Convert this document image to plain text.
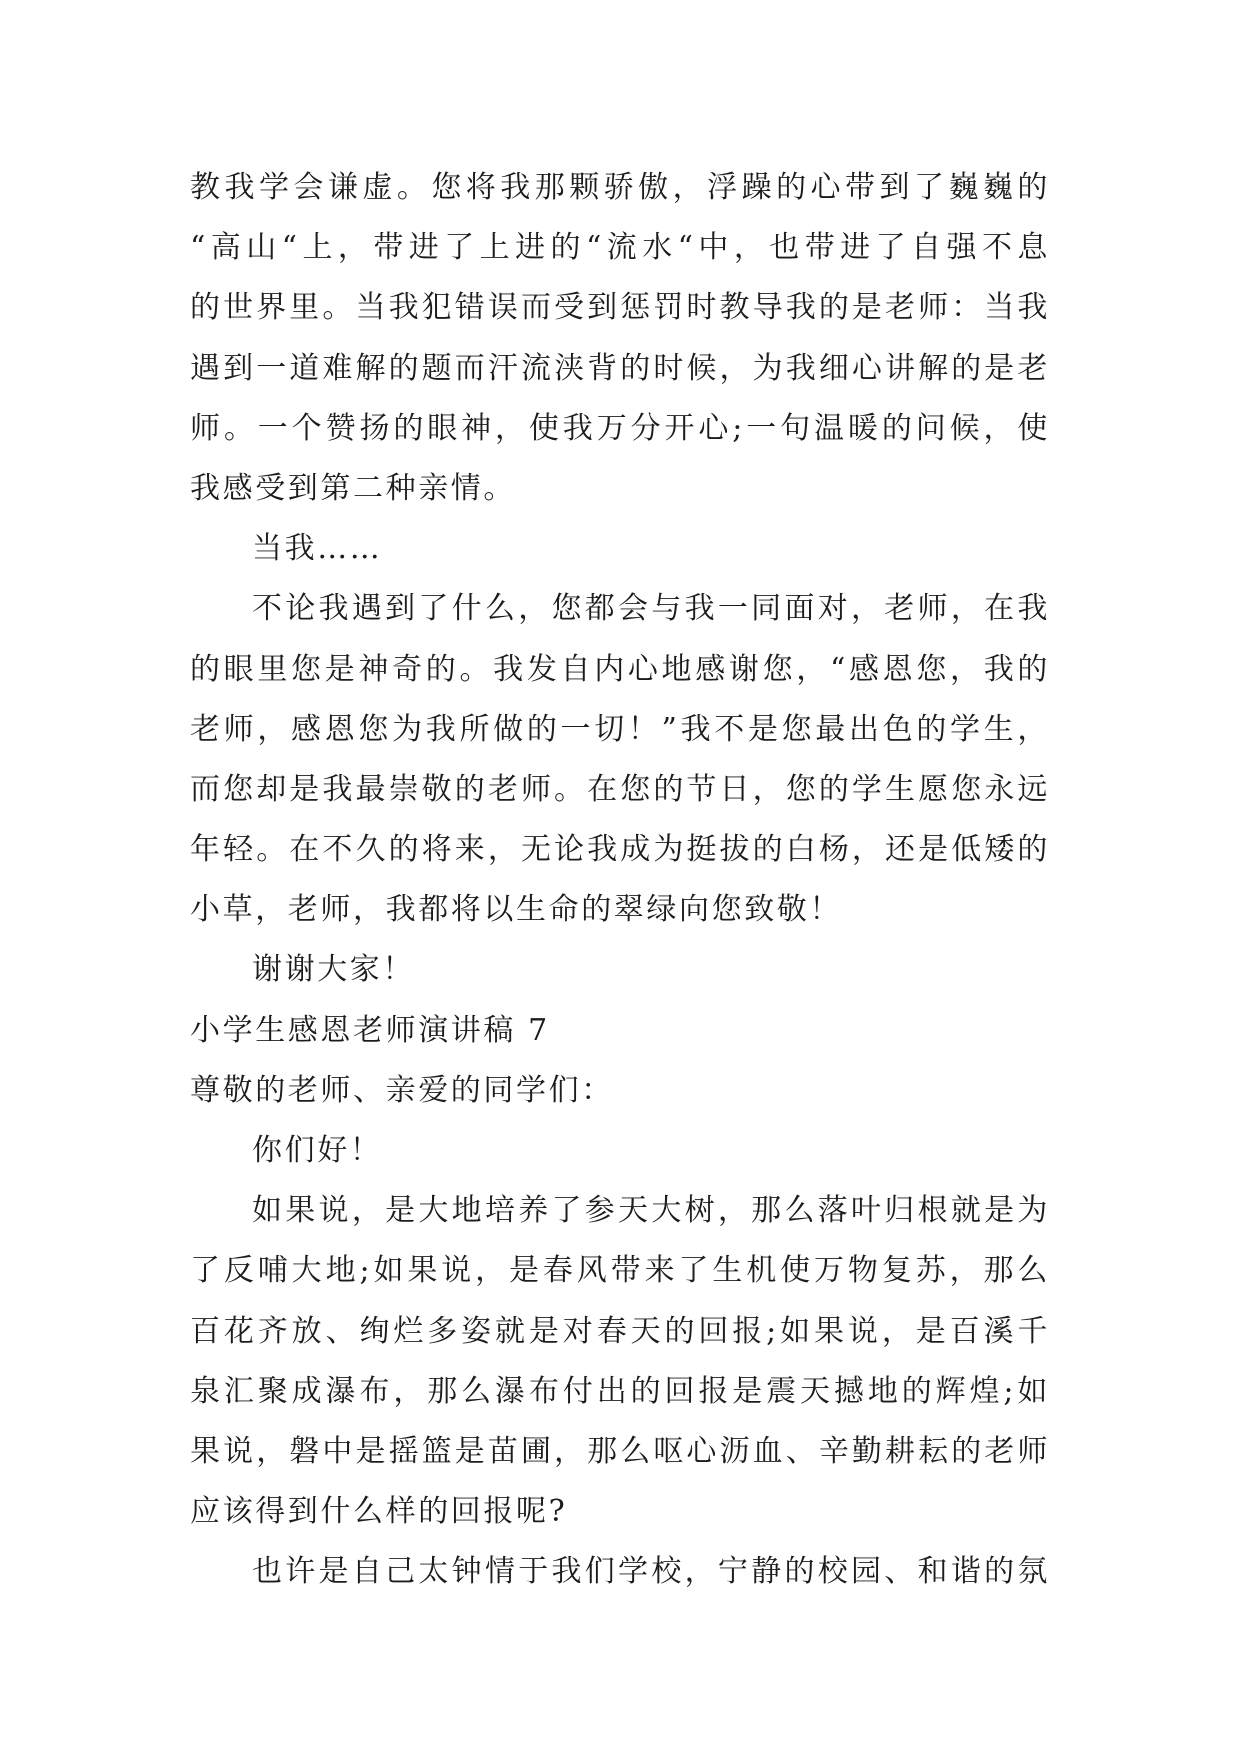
教我学会谦虚。您将我那颗骄傲，浮躁的心带到了巍巍的
“高山“上，带进了上进的“流水“中，也带进了自强不息
的世界里。当我犯错误而受到惩罚时教导我的是老师：当我
遇到一道难解的题而汗流浃背的时候，为我细心讲解的是老
师。一个赞扬的眼神，使我万分开心;一句温暖的问候，使
我感受到第二种亲情。
当我……
不论我遇到了什么，您都会与我一同面对，老师，在我
的眼里您是神奇的。我发自内心地感谢您，“感恩您，我的
老师，感恩您为我所做的一切！”我不是您最出色的学生，
而您却是我最崇敬的老师。在您的节日，您的学生愿您永远
年轻。在不久的将来，无论我成为挺拔的白杨，还是低矮的
小草，老师，我都将以生命的翠绿向您致敬！
谢谢大家！
小学生感恩老师演讲稿 7
尊敬的老师、亲爱的同学们：
你们好！
如果说，是大地培养了参天大树，那么落叶归根就是为
了反哺大地;如果说，是春风带来了生机使万物复苏，那么
百花齐放、绚烂多姿就是对春天的回报;如果说，是百溪千
泉汇聚成瀑布，那么瀑布付出的回报是震天撼地的辉煌;如
果说，磐中是摇篮是苗圃，那么呕心沥血、辛勤耕耘的老师
应该得到什么样的回报呢?
也许是自己太钟情于我们学校，宁静的校园、和谐的氛
